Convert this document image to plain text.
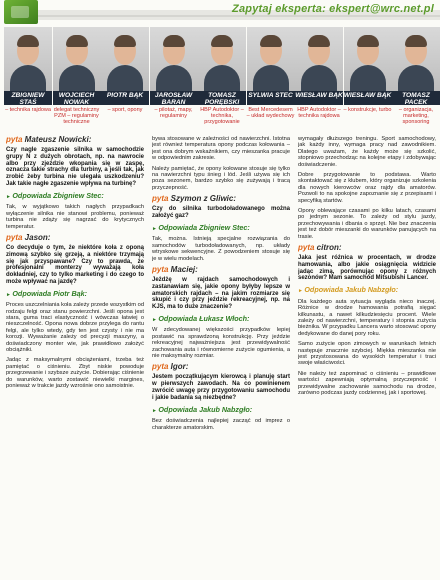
Zapytaj eksperta: ekspert@wrc.net.pl
ZBIGNIEW STAŚ
– technika rajdowa
WOJCIECH NOWAK
delegat techniczny PZM – regulaminy techniczne
PIOTR BĄK
– sport, opony
JAROSŁAW BARAN
– pilotaż, mapy, regulaminy
TOMASZ PORĘBSKI
HBP Autodoktor – technika, przygotowanie
SYLWIA STEC
Best Mercedesem – układ wydechowy
WIESŁAW BĄK
HBP Autodoktor – technika rajdowa
WIESŁAW BĄK
– konstrukcje, turbo
TOMASZ PACEK
– organizacja, marketing, sponsoring
pyta Mateusz Nowicki:

Czy nagle zgaszenie silnika w samochodzie grupy N z dużych obrotach, np. na nawrocie albo przy zjeździe wkopania się w zaspę, oznacza takie strachy dla turbiny, a jeśli tak, jak zrobić żeby turbina nie ulegała uszkodzeniu? Jak takie nagłe zgaszenie wpływa na turbinę?

► Odpowiada Zbigniew Stec:

Tak, w wyjątkowo takich nagłych przypadkach wyłączenie silnika nie stanowi problemu, ponieważ turbina nie zdąży się nagrzać do krytycznych temperatur.

pyta Jason:

Co decyduje o tym, że niektóre koła z oponą zimową szybko się grzeją, a niektóre trzymają się jak przyspawane? Czy to prawda, że profesjonalni monterzy wyważają koła dokładniej, czy to tylko marketing i do czego to może wpływać na jazdę?

► Odpowiada Piotr Bąk:

Proces uszczelniania koła zależy przede wszystkim od rodzaju felgi oraz stanu powierzchni. Jeśli opona jest stara, guma traci elastyczność i wówczas łatwiej o nieszczelność. Opona nowa dobrze przylega do rantu felgi, ale tylko wtedy, gdy ten jest czysty i nie ma korozji. Wyważanie zależy od precyzji maszyny, a doświadczony monter wie, jak prawidłowo założyć obciążniki.

Jadąc z maksymalnymi obciążeniami, trzeba też pamiętać o ciśnieniu. Zbyt niskie powoduje przegrzewanie i szybsze zużycie. Dobierając ciśnienie do warunków, warto zostawić niewielki margines, ponieważ w trakcie jazdy wzrośnie ono samoistnie.

bywa stosowane w zależności od nawierzchni. Istotna jest również temperatura opony podczas kołowania – jest ona dobrym wskaźnikiem, czy mieszanka pracuje w odpowiednim zakresie.

Należy pamiętać, że opony kołowane stosuje się tylko na nawierzchni typu śnieg i lód. Jeśli używa się ich poza sezonem, bardzo szybko się zużywają i tracą przyczepność.

pyta Szymon z Gliwic:

Czy do silnika turbodoładowanego można założyć gaz?

► Odpowiada Zbigniew Stec:

Tak, można. Istnieją specjalne rozwiązania do samochodów turbodoładowanych, np. układy wtryskowe sekwencyjne. Z powodzeniem stosuje się je w wielu modelach.

pyta Maciej:

Jeżdżę w rajdach samochodowych i zastanawiam się, jakie opony byłyby lepsze w amatorskich rajdach – na jakim rozmiarze się skupić i czy przy jeździe rekreacyjnej, np. na KJS, ma to duże znaczenie?

► Odpowiada Łukasz Włoch:

W zdecydowanej większości przypadków lepiej postawić na sprawdzoną konstrukcję. Przy jeździe rekreacyjnej najważniejsza jest przewidywalność zachowania auta i równomierne zużycie ogumienia, a nie maksymalny rozmiar.

pyta Igor:

Jestem początkującym kierowcą i planuję start w pierwszych zawodach. Na co powinienem zwrócić uwagę przy przygotowaniu samochodu i jakie badania są niezbędne?

► Odpowiada Jakub Nabzgło:

Bez doświadczenia najlepiej zacząć od imprez o charakterze amatorskim.

wymagały dłuższego treningu. Sport samochodowy, jak każdy inny, wymaga pracy nad zawodnikiem. Dlatego uważam, że każdy może się szkolić, stopniowo przechodząc na kolejne etapy i zdobywając doświadczenie.

Dobre przygotowanie to podstawa. Warto skontaktować się z klubem, który organizuje szkolenia dla nowych kierowców oraz rajdy dla amatorów. Pozwoli to na spokojne zapoznanie się z przepisami i specyfiką startów.

Opony oblewające czasami po kilku latach, czasami po jednym sezonie. To zależy od stylu jazdy, przechowywania i dbania o sprzęt. Nie bez znaczenia jest też dobór mieszanki do warunków panujących na trasie.

pyta citron:

Jaka jest różnica w procentach, w drodze hamowania, albo jakie osiągnięcia widzicie jadąc zimą, porównując opony z różnych sezonów? Mam samochód Mitsubishi Lancer.

► Odpowiada Jakub Nabzgło:

Dla każdego auta sytuacja wygląda nieco inaczej. Różnice w drodze hamowania potrafią sięgać kilkunastu, a nawet kilkudziesięciu procent. Wiele zależy od nawierzchni, temperatury i stopnia zużycia bieżnika. W przypadku Lancera warto stosować opony dedykowane do danej pory roku.

Samo zużycie opon zimowych w warunkach letnich następuje znacznie szybciej. Miękka mieszanka nie jest przystosowana do wysokich temperatur i traci swoje właściwości.

Nie należy też zapominać o ciśnieniu – prawidłowe wartości zapewniają optymalną przyczepność i przewidywalne zachowanie samochodu na drodze, zarówno podczas jazdy codziennej, jak i sportowej.
